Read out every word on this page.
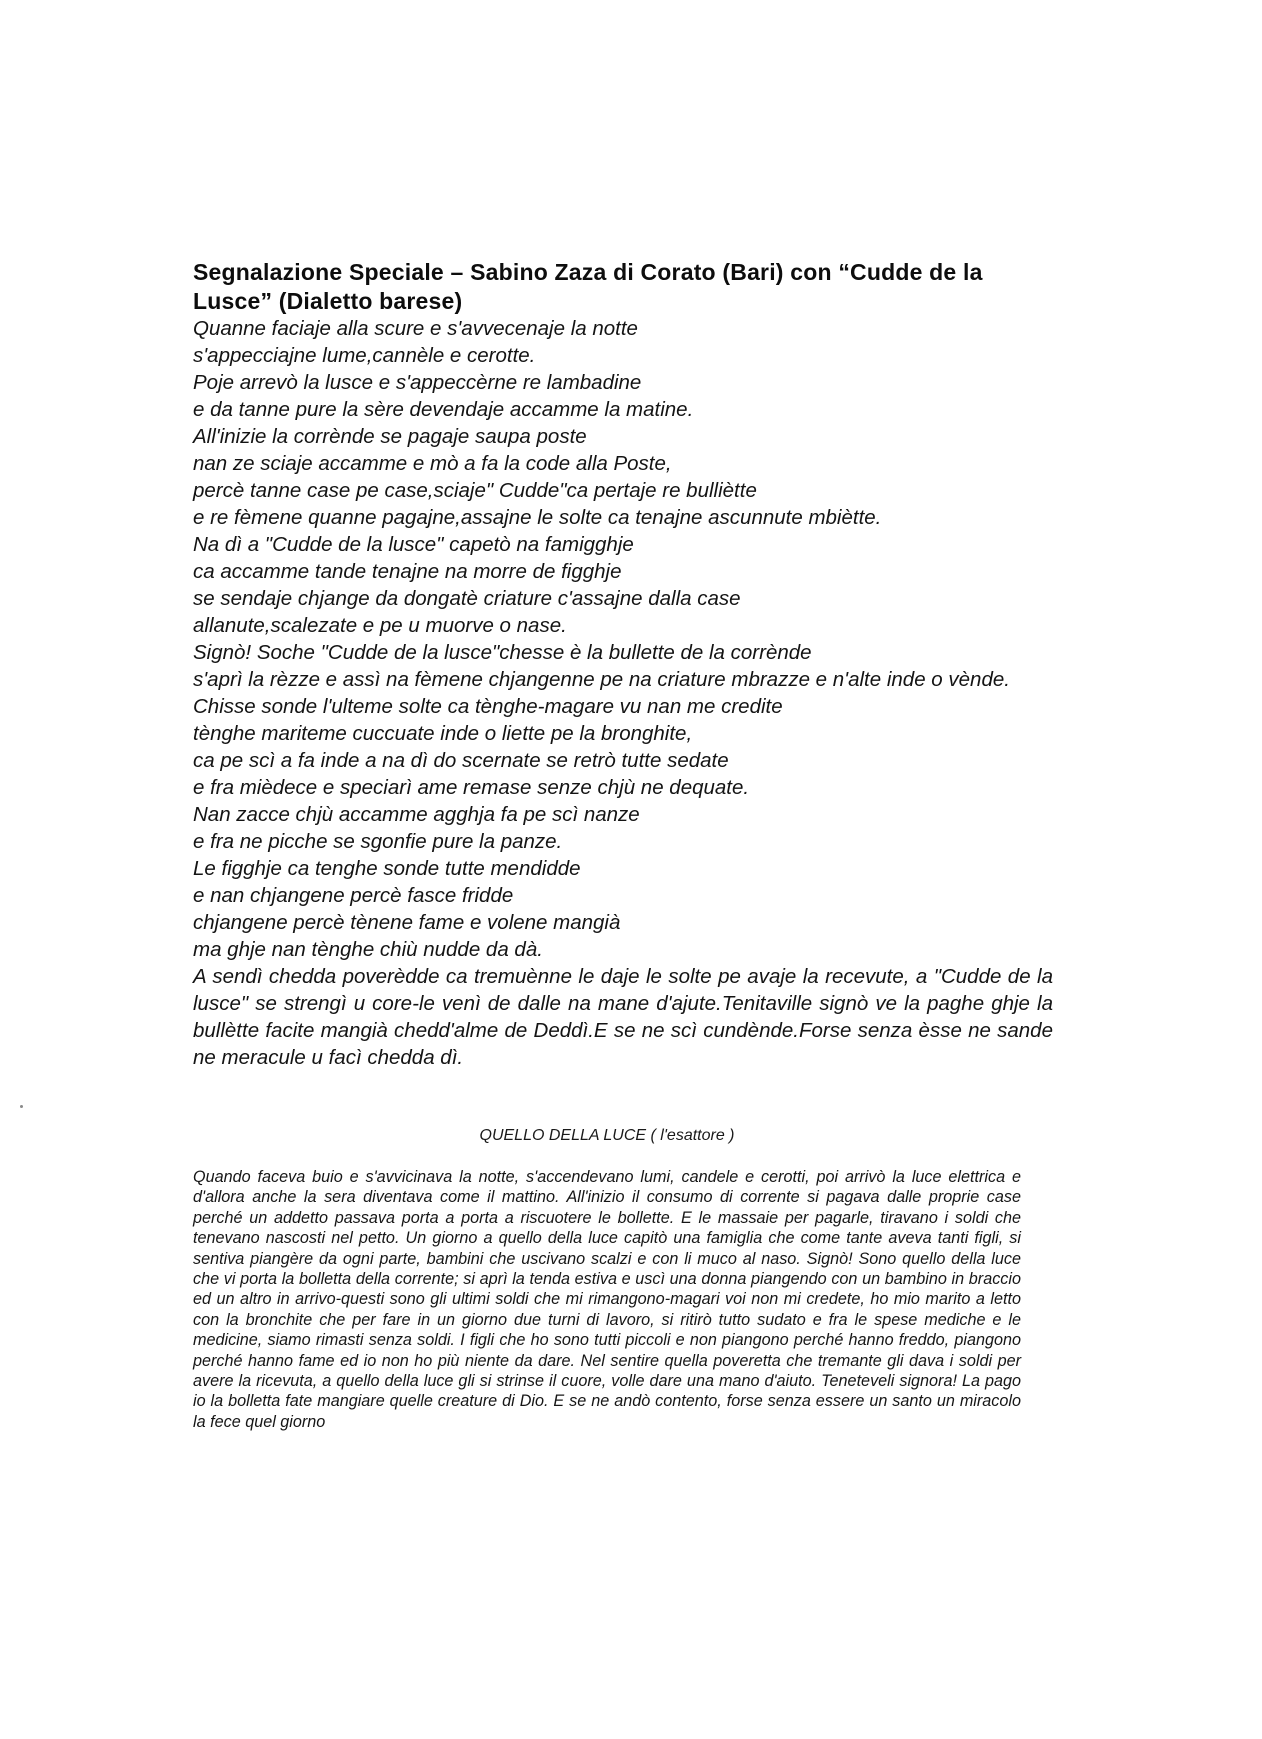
Segnalazione Speciale – Sabino Zaza di Corato (Bari) con “Cudde de la Lusce” (Dialetto barese)
Quanne faciaje alla scure e s'avvecenaje la notte
s'appecciajne lume,cannèle e cerotte.
Poje arrevò la lusce e s'appeccèrne re lambadine
e da tanne pure la sère devendaje accamme la matine.
All'inizie la corrènde se pagaje saupa poste
nan ze sciaje accamme e mò a fa la code alla Poste,
percè tanne case pe case,sciaje" Cudde"ca pertaje re bulliètte
e re fèmene quanne pagajne,assajne le solte ca tenajne ascunnute mbiètte.
Na dì a "Cudde de la lusce" capetò na famigghje
ca accamme tande tenajne na morre de figghje
se sendaje chjange da dongatè criature c'assajne dalla case
allanute,scalezate e pe u muorve o nase.
Signò! Soche "Cudde de la lusce"chesse è la bullette de la corrènde
s'aprì la rèzze e assì na fèmene chjangenne pe na criature mbrazze e n'alte inde o vènde.
Chisse sonde l'ulteme solte ca tènghe-magare vu nan me credite
tènghe mariteme cuccuate inde o liette pe la bronghite,
ca pe scì a fa inde a na dì do scernate se retrò tutte sedate
e fra mièdece e speciarì ame remase senze chjù ne dequate.
Nan zacce chjù accamme agghja fa pe scì nanze
e fra ne picche se sgonfie pure la panze.
Le figghje ca tenghe sonde tutte mendidde
e nan chjangene percè fasce fridde
chjangene percè tènene fame e volene mangià
ma ghje nan tènghe chiù nudde da dà.
A sendì chedda poverèdde ca tremuènne le daje le solte pe avaje la recevute, a "Cudde de la lusce" se strengì u core-le venì de dalle na mane d'ajute.Tenitaville signò ve la paghe ghje la bullètte facite mangià chedd'alme de Deddì.E se ne scì cundènde.Forse senza èsse ne sande ne meracule u facì chedda dì.
QUELLO DELLA LUCE ( l'esattore )

Quando faceva buio e s'avvicinava la notte, s'accendevano lumi, candele e cerotti, poi arrivò la luce elettrica e d'allora anche la sera diventava come il mattino. All'inizio il consumo di corrente si pagava dalle proprie case perché un addetto passava porta a porta a riscuotere le bollette. E le massaie per pagarle, tiravano i soldi che tenevano nascosti nel petto. Un giorno a quello della luce capitò una famiglia che come tante aveva tanti figli, si sentiva piangère da ogni parte, bambini che uscivano scalzi e con li muco al naso. Signò! Sono quello della luce che vi porta la bolletta della corrente; si aprì la tenda estiva e uscì una donna piangendo con un bambino in braccio ed un altro in arrivo-questi sono gli ultimi soldi che mi rimangono-magari voi non mi credete, ho mio marito a letto con la bronchite che per fare in un giorno due turni di lavoro, si ritirò tutto sudato e fra le spese mediche e le medicine, siamo rimasti senza soldi. I figli che ho sono tutti piccoli e non piangono perché hanno freddo, piangono perché hanno fame ed io non ho più niente da dare. Nel sentire quella poveretta che tremante gli dava i soldi per avere la ricevuta, a quello della luce gli si strinse il cuore, volle dare una mano d'aiuto. Teneteveli signora! La pago io la bolletta fate mangiare quelle creature di Dio. E se ne andò contento, forse senza essere un santo un miracolo la fece quel giorno
